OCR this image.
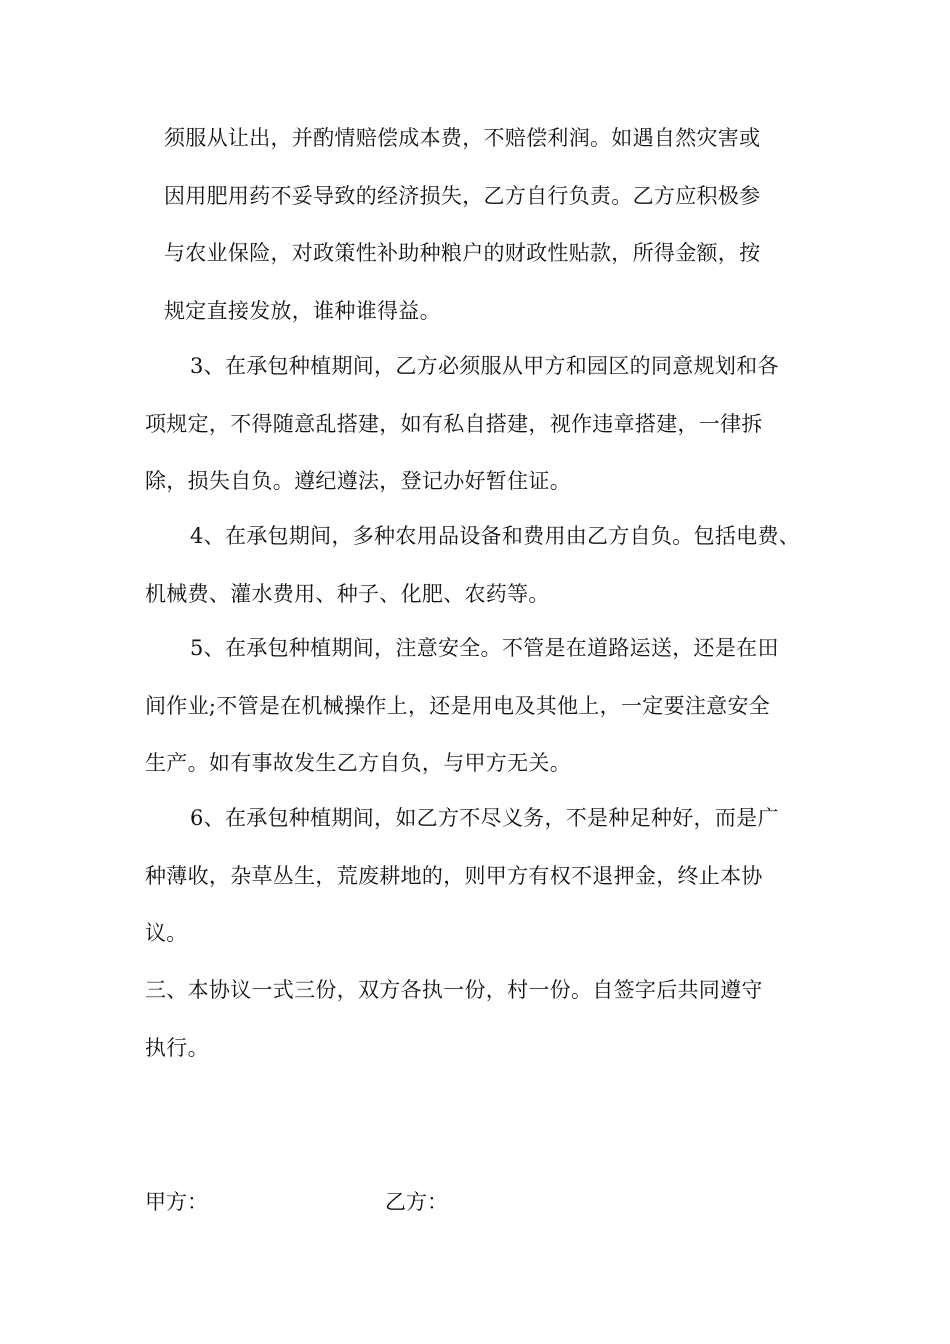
须服从让出，并酌情赔偿成本费，不赔偿利润。如遇自然灾害或
因用肥用药不妥导致的经济损失，乙方自行负责。乙方应积极参
与农业保险，对政策性补助种粮户的财政性贴款，所得金额，按
规定直接发放，谁种谁得益。
3、在承包种植期间，乙方必须服从甲方和园区的同意规划和各
项规定，不得随意乱搭建，如有私自搭建，视作违章搭建，一律拆
除，损失自负。遵纪遵法，登记办好暂住证。
4、在承包期间，多种农用品设备和费用由乙方自负。包括电费、
机械费、灌水费用、种子、化肥、农药等。
5、在承包种植期间，注意安全。不管是在道路运送，还是在田
间作业;不管是在机械操作上，还是用电及其他上，一定要注意安全
生产。如有事故发生乙方自负，与甲方无关。
6、在承包种植期间，如乙方不尽义务，不是种足种好，而是广
种薄收，杂草丛生，荒废耕地的，则甲方有权不退押金，终止本协
议。
三、本协议一式三份，双方各执一份，村一份。自签字后共同遵守
执行。
甲方：	乙方：
